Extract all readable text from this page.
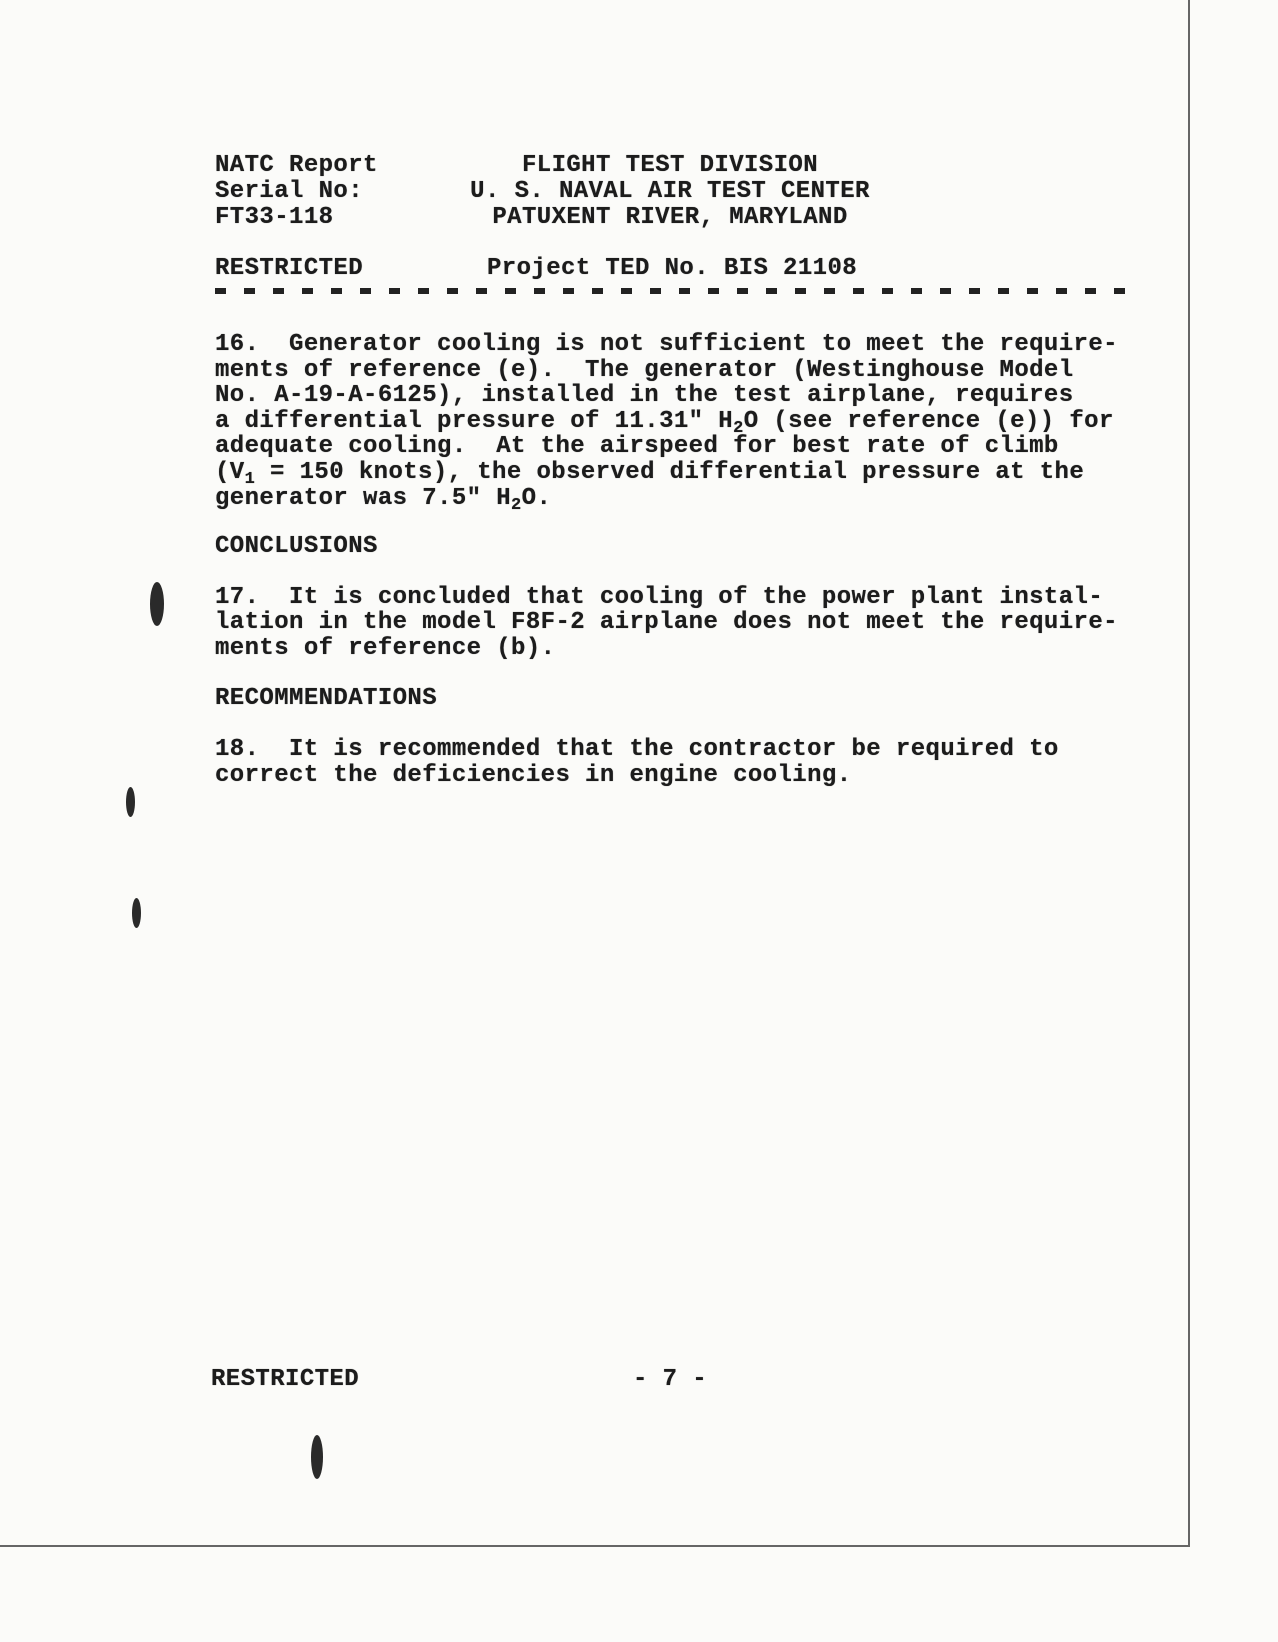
NATC Report
Serial No:
FT33-118
FLIGHT TEST DIVISION
U. S. NAVAL AIR TEST CENTER
PATUXENT RIVER, MARYLAND
RESTRICTED	Project TED No. BIS 21108
16.  Generator cooling is not sufficient to meet the require-
ments of reference (e).  The generator (Westinghouse Model
No. A-19-A-6125), installed in the test airplane, requires
a differential pressure of 11.31" $H_2O$ (see reference (e)) for
adequate cooling.  At the airspeed for best rate of climb
($V_1 = 150$ knots), the observed differential pressure at the
generator was 7.5" $H_2O$.
CONCLUSIONS
17.  It is concluded that cooling of the power plant instal-
lation in the model F8F-2 airplane does not meet the require-
ments of reference (b).
RECOMMENDATIONS
18.  It is recommended that the contractor be required to
correct the deficiencies in engine cooling.
RESTRICTED	- 7 -
